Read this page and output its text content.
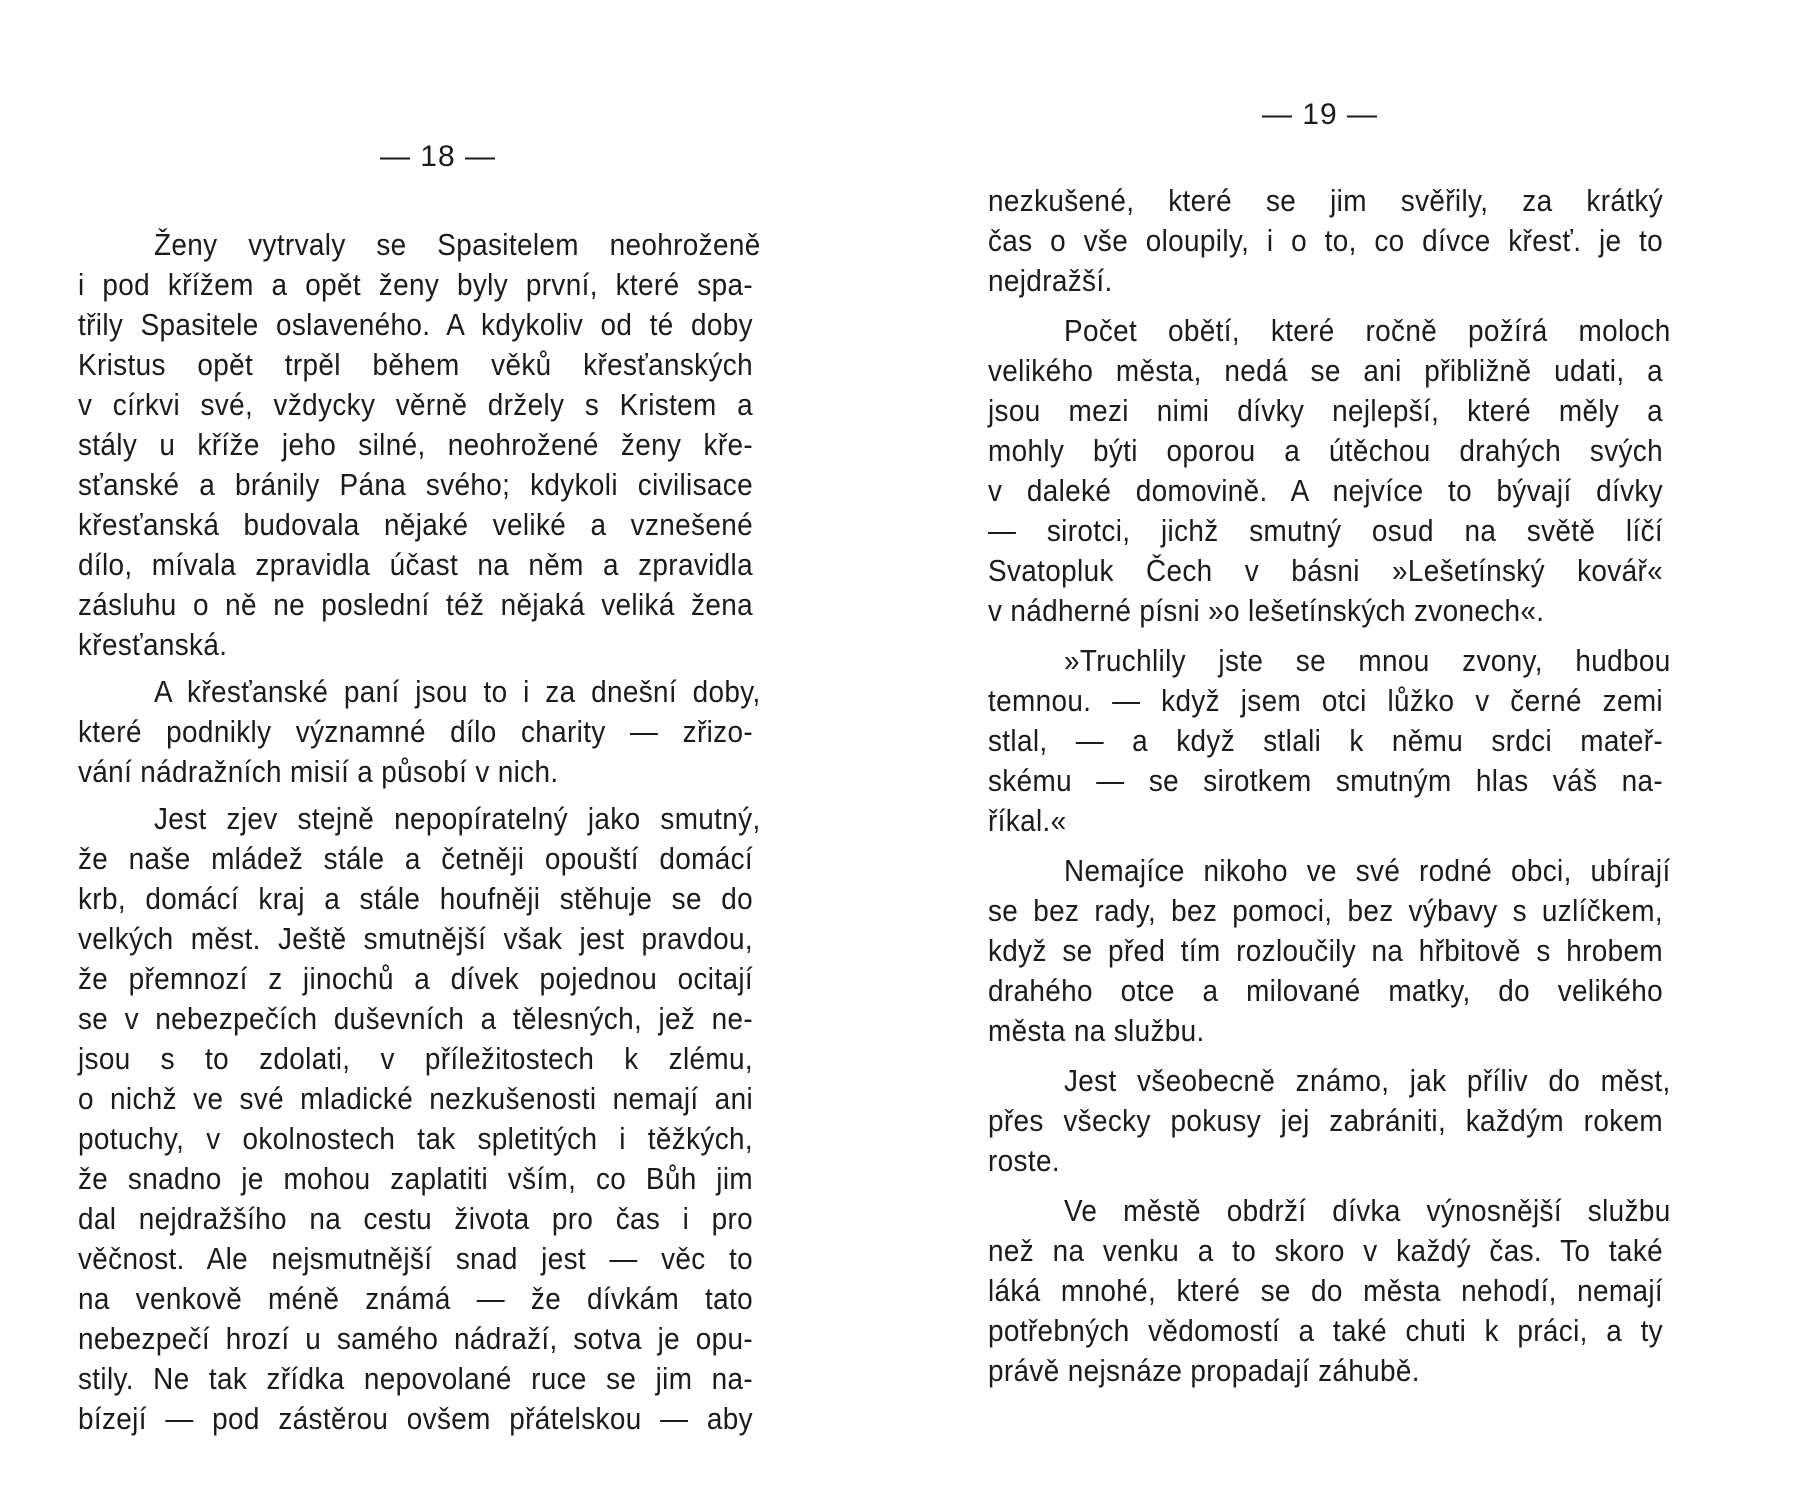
— 18 —
Ženy vytrvaly se Spasitelem neohroženě
i pod křížem a opět ženy byly první, které spa-
třily Spasitele oslaveného. A kdykoliv od té doby
Kristus opět trpěl během věků křesťanských
v církvi své, vždycky věrně držely s Kristem a
stály u kříže jeho silné, neohrožené ženy kře-
sťanské a bránily Pána svého; kdykoli civilisace
křesťanská budovala nějaké veliké a vznešené
dílo, mívala zpravidla účast na něm a zpravidla
zásluhu o ně ne poslední též nějaká veliká žena
křesťanská.
A křesťanské paní jsou to i za dnešní doby,
které podnikly významné dílo charity — zřizo-
vání nádražních misií a působí v nich.
Jest zjev stejně nepopíratelný jako smutný,
že naše mládež stále a četněji opouští domácí
krb, domácí kraj a stále houfněji stěhuje se do
velkých měst. Ještě smutnější však jest pravdou,
že přemnozí z jinochů a dívek pojednou ocitají
se v nebezpečích duševních a tělesných, jež ne-
jsou s to zdolati, v příležitostech k zlému,
o nichž ve své mladické nezkušenosti nemají ani
potuchy, v okolnostech tak spletitých i těžkých,
že snadno je mohou zaplatiti vším, co Bůh jim
dal nejdražšího na cestu života pro čas i pro
věčnost. Ale nejsmutnější snad jest — věc to
na venkově méně známá — že dívkám tato
nebezpečí hrozí u samého nádraží, sotva je opu-
stily. Ne tak zřídka nepovolané ruce se jim na-
bízejí — pod zástěrou ovšem přátelskou — aby
— 19 —
nezkušené, které se jim svěřily, za krátký
čas o vše oloupily, i o to, co dívce křesť. je to
nejdražší.
Počet obětí, které ročně požírá moloch
velikého města, nedá se ani přibližně udati, a
jsou mezi nimi dívky nejlepší, které měly a
mohly býti oporou a útěchou drahých svých
v daleké domovině. A nejvíce to bývají dívky
— sirotci, jichž smutný osud na světě líčí
Svatopluk Čech v básni »Lešetínský kovář«
v nádherné písni »o lešetínských zvonech«.
»Truchlily jste se mnou zvony, hudbou
temnou. — když jsem otci lůžko v černé zemi
stlal, — a když stlali k němu srdci mateř-
skému — se sirotkem smutným hlas váš na-
říkal.«
Nemajíce nikoho ve své rodné obci, ubírají
se bez rady, bez pomoci, bez výbavy s uzlíčkem,
když se před tím rozloučily na hřbitově s hrobem
drahého otce a milované matky, do velikého
města na službu.
Jest všeobecně známo, jak příliv do měst,
přes všecky pokusy jej zabrániti, každým rokem
roste.
Ve městě obdrží dívka výnosnější službu
než na venku a to skoro v každý čas. To také
láká mnohé, které se do města nehodí, nemají
potřebných vědomostí a také chuti k práci, a ty
právě nejsnáze propadají záhubě.
